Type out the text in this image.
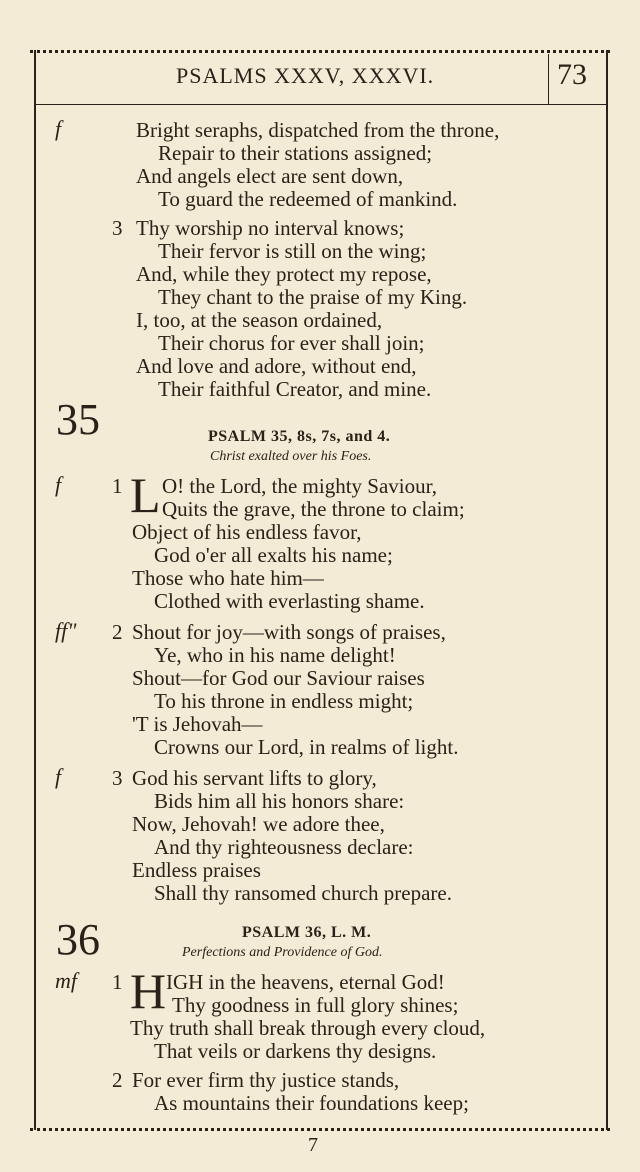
PSALMS XXXV, XXXVI.	73
f	Bright seraphs, dispatched from the throne,
Repair to their stations assigned;
And angels elect are sent down,
To guard the redeemed of mankind.
3 Thy worship no interval knows;
Their fervor is still on the wing;
And, while they protect my repose,
They chant to the praise of my King.
I, too, at the season ordained,
Their chorus for ever shall join;
And love and adore, without end,
Their faithful Creator, and mine.
35	PSALM 35, 8s, 7s, and 4.
Christ exalted over his Foes.
f 1 L O! the Lord, the mighty Saviour,
Quits the grave, the throne to claim;
Object of his endless favor,
God o'er all exalts his name;
Those who hate him—
Clothed with everlasting shame.
ff" 2 Shout for joy—with songs of praises,
Ye, who in his name delight!
Shout—for God our Saviour raises
To his throne in endless might;
'T is Jehovah—
Crowns our Lord, in realms of light.
f 3 God his servant lifts to glory,
Bids him all his honors share:
Now, Jehovah! we adore thee,
And thy righteousness declare:
Endless praises
Shall thy ransomed church prepare.
36	PSALM 36, L. M.
Perfections and Providence of God.
mf 1 H IGH in the heavens, eternal God!
Thy goodness in full glory shines;
Thy truth shall break through every cloud,
That veils or darkens thy designs.
2 For ever firm thy justice stands,
As mountains their foundations keep;
7
